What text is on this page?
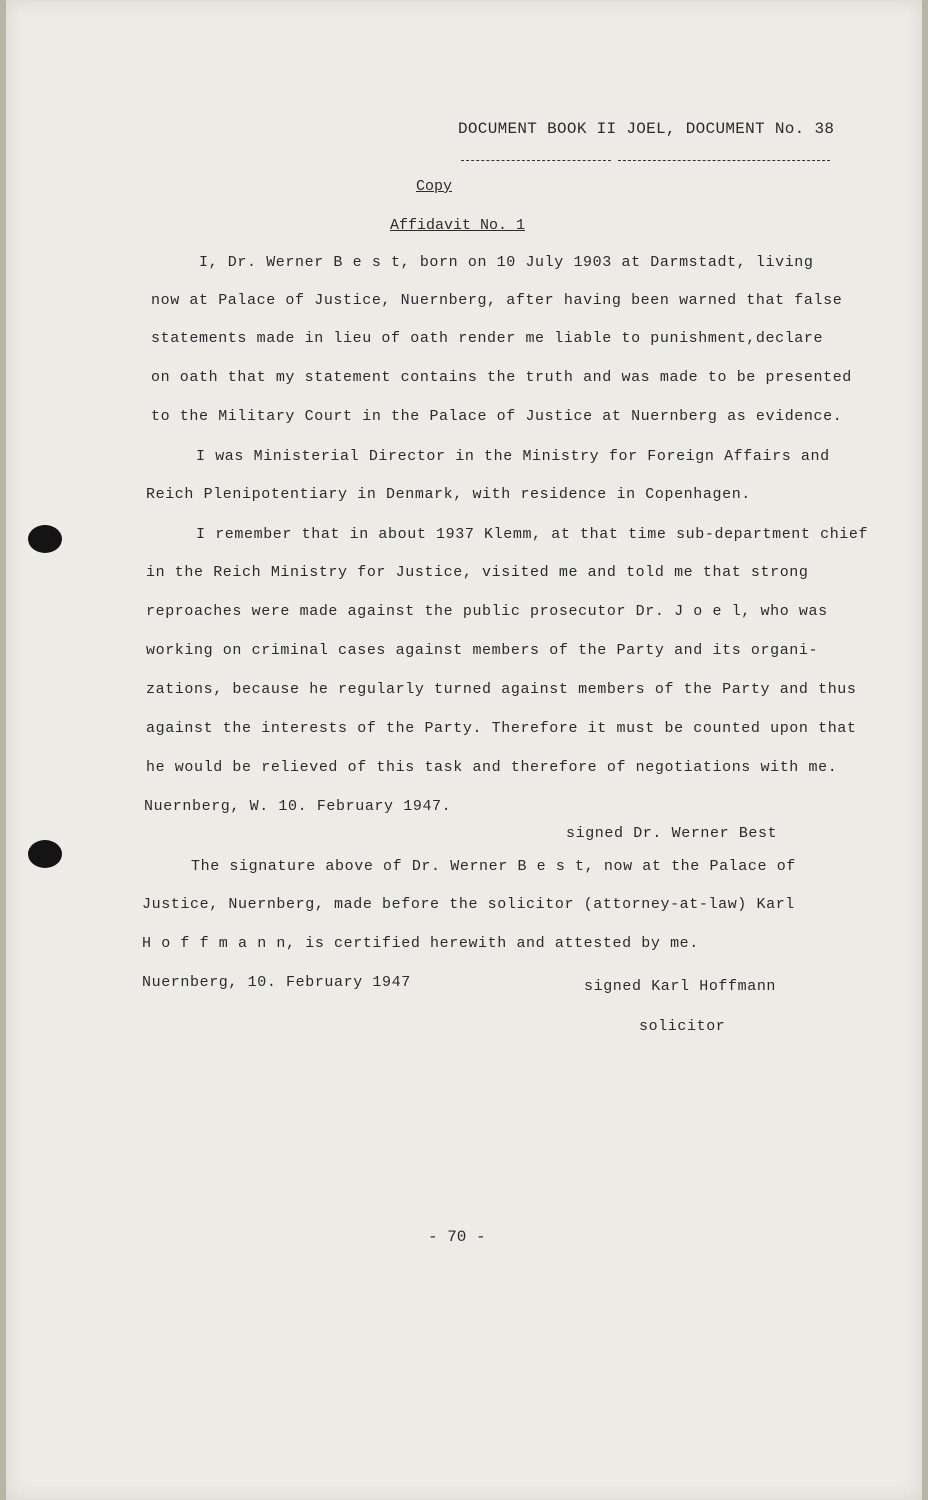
DOCUMENT BOOK II JOEL, DOCUMENT No. 38
Copy
Affidavit No. 1
I, Dr. Werner B e s t, born on 10 July 1903 at Darmstadt, living
now at Palace of Justice, Nuernberg, after having been warned that false
statements made in lieu of oath render me liable to punishment,declare
on oath that my statement contains the truth and was made to be presented
to the Military Court in the Palace of Justice at Nuernberg as evidence.
I was Ministerial Director in the Ministry for Foreign Affairs and
Reich Plenipotentiary in Denmark, with residence in Copenhagen.
I remember that in about 1937 Klemm, at that time sub-department chief
in the Reich Ministry for Justice, visited me and told me that strong
reproaches were made against the public prosecutor Dr. J o e l, who was
working on criminal cases against members of the Party and its organi-
zations, because he regularly turned against members of the Party and thus
against the interests of the Party. Therefore it must be counted upon that
he would be relieved of this task and therefore of negotiations with me.
Nuernberg, W. 10. February 1947.
signed Dr. Werner Best
The signature above of Dr. Werner B e s t, now at the Palace of
Justice, Nuernberg, made before the solicitor (attorney-at-law) Karl
H o f f m a n n, is certified herewith and attested by me.
Nuernberg, 10. February 1947	signed Karl Hoffmann
solicitor
- 70 -
